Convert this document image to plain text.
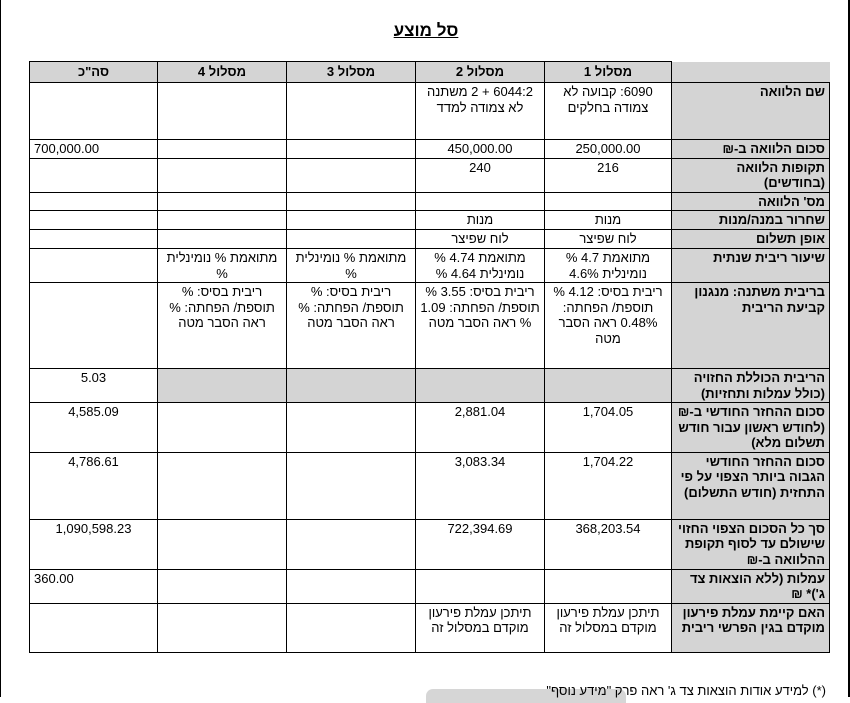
סל מוצע
	מסלול 1	מסלול 2	מסלול 3	מסלול 4	סה"כ
שם הלוואה	6090: קבועה לא צמודה בחלקים	6044:2 + 2 משתנה לא צמודה למדד			
סכום הלוואה ב-₪	250,000.00	450,000.00			700,000.00
תקופות הלוואה (בחודשים)	216	240			
מס' הלוואה					
שחרור במנה/מנות	מנות	מנות			
אופן תשלום	לוח שפיצר	לוח שפיצר			
שיעור ריבית שנתית	מתואמת 4.7 % נומינלית 4.6%	מתואמת 4.74 % נומינלית 4.64 %	מתואמת % נומינלית %	מתואמת % נומינלית %	
בריבית משתנה: מנגנון קביעת הריבית	ריבית בסיס: 4.12 % תוספת/ הפחתה: 0.48% ראה הסבר מטה	ריבית בסיס: 3.55 % תוספת/ הפחתה: 1.09 % ראה הסבר מטה	ריבית בסיס: % תוספת/ הפחתה: % ראה הסבר מטה	ריבית בסיס: % תוספת/ הפחתה: % ראה הסבר מטה	
הריבית הכוללת החזויה (כולל עמלות ותחזיות)					5.03
סכום ההחזר החודשי ב-₪ (לחודש ראשון עבור חודש תשלום מלא)	1,704.05	2,881.04			4,585.09
סכום ההחזר החודשי הגבוה ביותר הצפוי על פי התחזית (חודש התשלום)	1,704.22	3,083.34			4,786.61
סך כל הסכום הצפוי החזוי שישולם עד לסוף תקופת ההלוואה ב-₪	368,203.54	722,394.69			1,090,598.23
עמלות (ללא הוצאות צד ג')* ₪					360.00
האם קיימת עמלת פירעון מוקדם בגין הפרשי ריבית	תיתכן עמלת פירעון מוקדם במסלול זה	תיתכן עמלת פירעון מוקדם במסלול זה			
(*) למידע אודות הוצאות צד ג' ראה פרק "מידע נוסף"
